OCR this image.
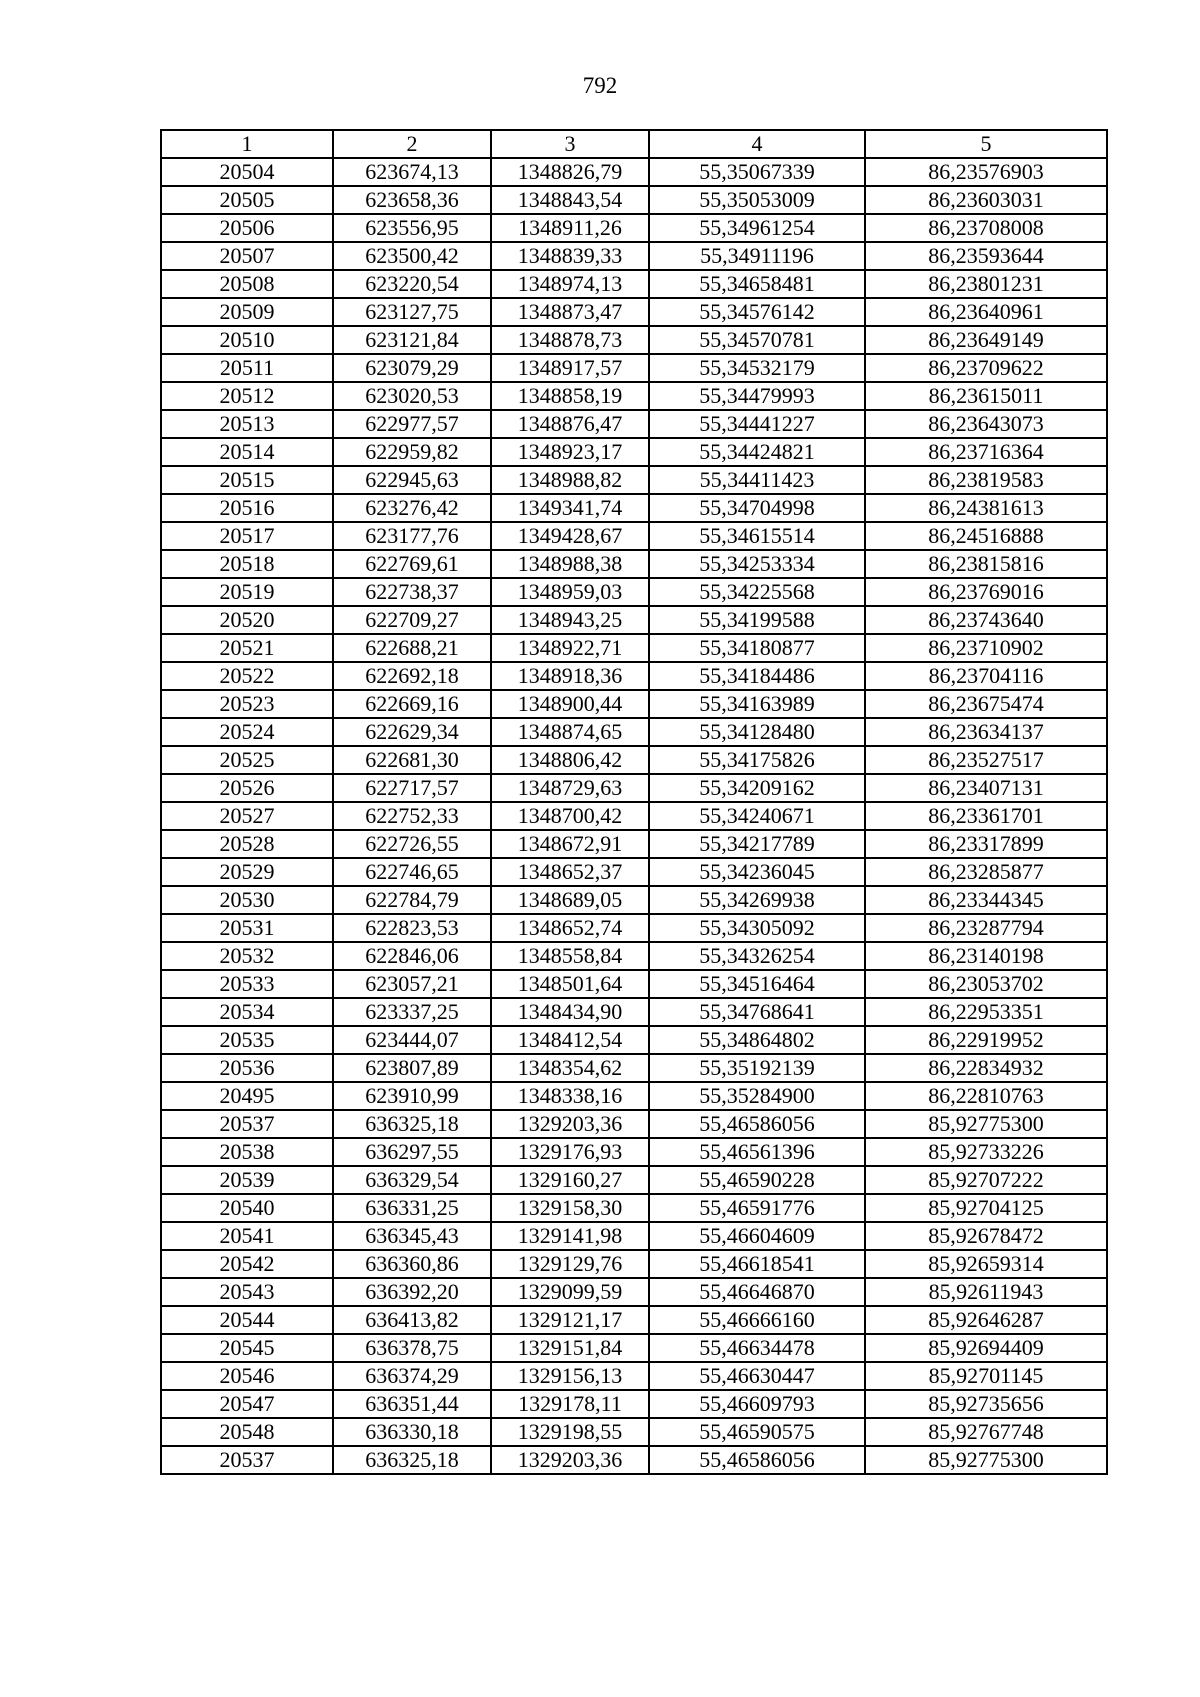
792
1	2	3	4	5
20504	623674,13	1348826,79	55,35067339	86,23576903
20505	623658,36	1348843,54	55,35053009	86,23603031
20506	623556,95	1348911,26	55,34961254	86,23708008
20507	623500,42	1348839,33	55,34911196	86,23593644
20508	623220,54	1348974,13	55,34658481	86,23801231
20509	623127,75	1348873,47	55,34576142	86,23640961
20510	623121,84	1348878,73	55,34570781	86,23649149
20511	623079,29	1348917,57	55,34532179	86,23709622
20512	623020,53	1348858,19	55,34479993	86,23615011
20513	622977,57	1348876,47	55,34441227	86,23643073
20514	622959,82	1348923,17	55,34424821	86,23716364
20515	622945,63	1348988,82	55,34411423	86,23819583
20516	623276,42	1349341,74	55,34704998	86,24381613
20517	623177,76	1349428,67	55,34615514	86,24516888
20518	622769,61	1348988,38	55,34253334	86,23815816
20519	622738,37	1348959,03	55,34225568	86,23769016
20520	622709,27	1348943,25	55,34199588	86,23743640
20521	622688,21	1348922,71	55,34180877	86,23710902
20522	622692,18	1348918,36	55,34184486	86,23704116
20523	622669,16	1348900,44	55,34163989	86,23675474
20524	622629,34	1348874,65	55,34128480	86,23634137
20525	622681,30	1348806,42	55,34175826	86,23527517
20526	622717,57	1348729,63	55,34209162	86,23407131
20527	622752,33	1348700,42	55,34240671	86,23361701
20528	622726,55	1348672,91	55,34217789	86,23317899
20529	622746,65	1348652,37	55,34236045	86,23285877
20530	622784,79	1348689,05	55,34269938	86,23344345
20531	622823,53	1348652,74	55,34305092	86,23287794
20532	622846,06	1348558,84	55,34326254	86,23140198
20533	623057,21	1348501,64	55,34516464	86,23053702
20534	623337,25	1348434,90	55,34768641	86,22953351
20535	623444,07	1348412,54	55,34864802	86,22919952
20536	623807,89	1348354,62	55,35192139	86,22834932
20495	623910,99	1348338,16	55,35284900	86,22810763
20537	636325,18	1329203,36	55,46586056	85,92775300
20538	636297,55	1329176,93	55,46561396	85,92733226
20539	636329,54	1329160,27	55,46590228	85,92707222
20540	636331,25	1329158,30	55,46591776	85,92704125
20541	636345,43	1329141,98	55,46604609	85,92678472
20542	636360,86	1329129,76	55,46618541	85,92659314
20543	636392,20	1329099,59	55,46646870	85,92611943
20544	636413,82	1329121,17	55,46666160	85,92646287
20545	636378,75	1329151,84	55,46634478	85,92694409
20546	636374,29	1329156,13	55,46630447	85,92701145
20547	636351,44	1329178,11	55,46609793	85,92735656
20548	636330,18	1329198,55	55,46590575	85,92767748
20537	636325,18	1329203,36	55,46586056	85,92775300
